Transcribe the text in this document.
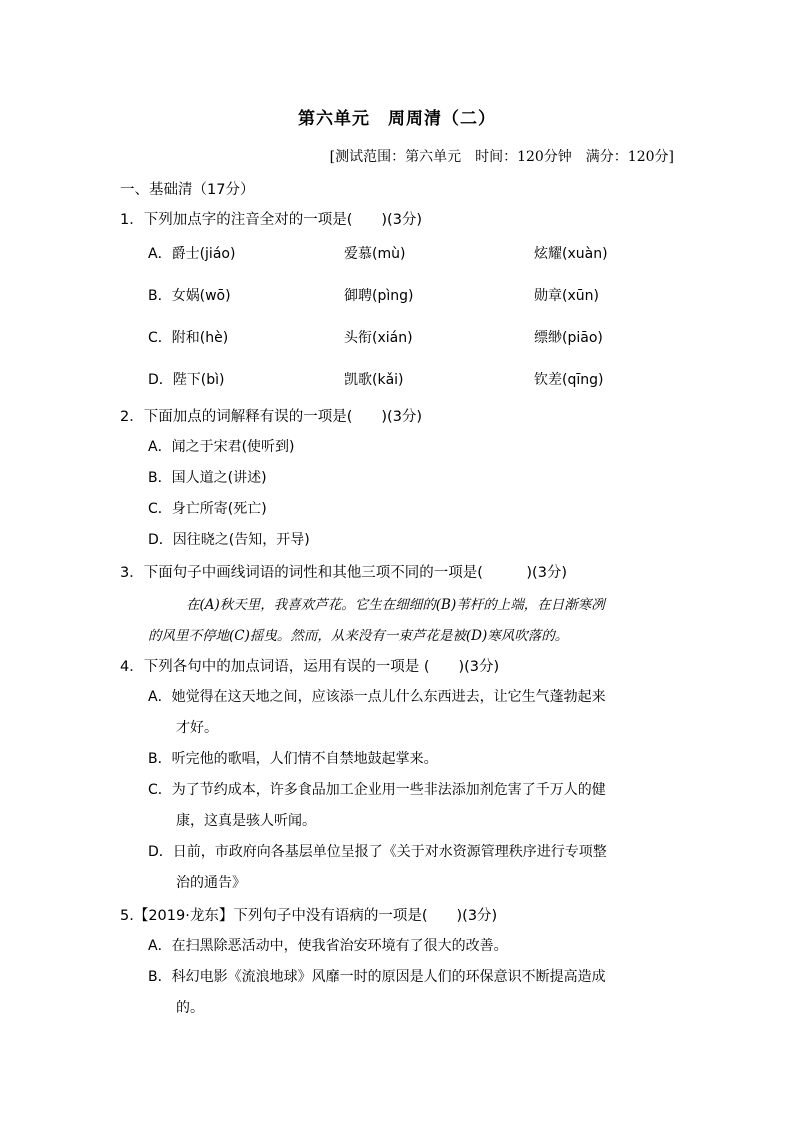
第六单元　周周清（二）
[测试范围：第六单元　时间：120分钟　满分：120分]
一、基础清（17分）
1．下列加点字的注音全对的一项是(　　)(3分)
A．爵士(jiáo)	爱慕(mù)	炫耀(xuàn)
B．女娲(wō)	御聘(pìng)	勋章(xūn)
C．附和(hè)	头衔(xián)	缥缈(piāo)
D．陛下(bì)	凯歌(kǎi)	钦差(qīng)
2．下面加点的词解释有误的一项是(　　)(3分)
A．闻之于宋君(使听到)
B．国人道之(讲述)
C．身亡所寄(死亡)
D．因往晓之(告知，开导)
3．下面句子中画线词语的词性和其他三项不同的一项是(　　　)(3分)
在(A)秋天里，我喜欢芦花。它生在细细的(B)苇杆的上端，在日渐寒冽
的风里不停地(C)摇曳。然而，从来没有一束芦花是被(D)寒风吹落的。
4．下列各句中的加点词语，运用有误的一项是 (　　)(3分)
A．她觉得在这天地之间，应该添一点儿什么东西进去，让它生气蓬勃起来
才好。
B．听完他的歌唱，人们情不自禁地鼓起掌来。
C．为了节约成本，许多食品加工企业用一些非法添加剂危害了千万人的健
康，这真是骇人听闻。
D．日前，市政府向各基层单位呈报了《关于对水资源管理秩序进行专项整
治的通告》
5.【2019·龙东】下列句子中没有语病的一项是(　　)(3分)
A．在扫黑除恶活动中，使我省治安环境有了很大的改善。
B．科幻电影《流浪地球》风靡一时的原因是人们的环保意识不断提高造成
的。
